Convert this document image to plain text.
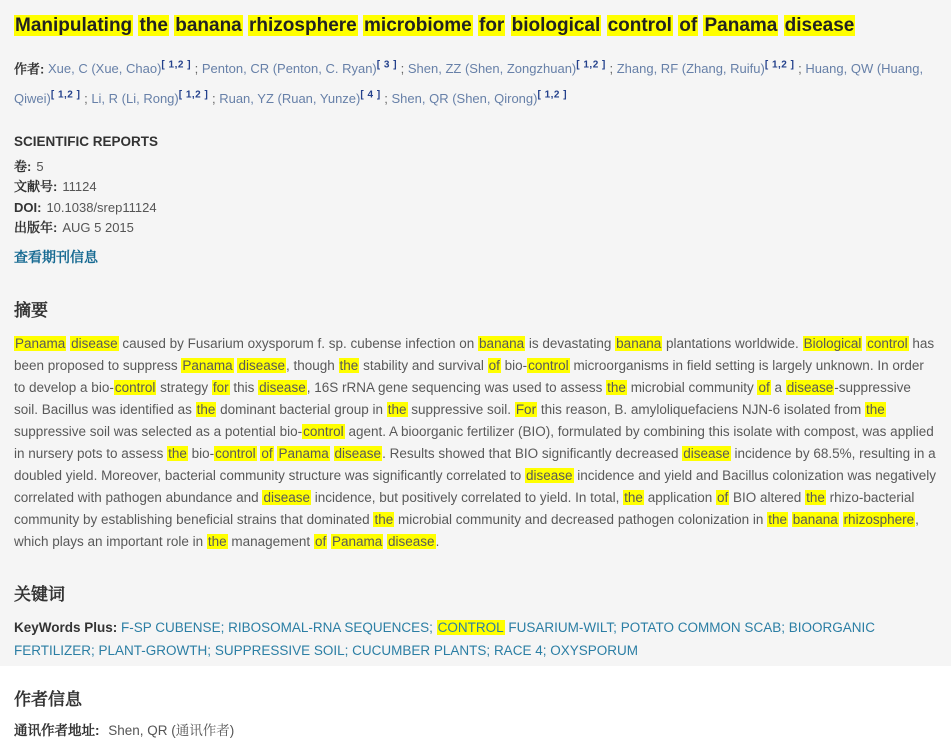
Manipulating the banana rhizosphere microbiome for biological control of Panama disease

作者: Xue, C (Xue, Chao)[ 1,2 ] ; Penton, CR (Penton, C. Ryan)[ 3 ] ; Shen, ZZ (Shen, Zongzhuan)[ 1,2 ] ; Zhang, RF (Zhang, Ruifu)[ 1,2 ] ; Huang, QW (Huang, Qiwei)[ 1,2 ] ; Li, R (Li, Rong)[ 1,2 ] ; Ruan, YZ (Ruan, Yunze)[ 4 ] ; Shen, QR (Shen, Qirong)[ 1,2 ]

SCIENTIFIC REPORTS
卷: 5
文献号: 11124
DOI: 10.1038/srep11124
出版年: AUG 5 2015
查看期刊信息
摘要

Panama disease caused by Fusarium oxysporum f. sp. cubense infection on banana is devastating banana plantations worldwide. Biological control has been proposed to suppress Panama disease, though the stability and survival of bio-control microorganisms in field setting is largely unknown. In order to develop a bio-control strategy for this disease, 16S rRNA gene sequencing was used to assess the microbial community of a disease-suppressive soil. Bacillus was identified as the dominant bacterial group in the suppressive soil. For this reason, B. amyloliquefaciens NJN-6 isolated from the suppressive soil was selected as a potential bio-control agent. A bioorganic fertilizer (BIO), formulated by combining this isolate with compost, was applied in nursery pots to assess the bio-control of Panama disease. Results showed that BIO significantly decreased disease incidence by 68.5%, resulting in a doubled yield. Moreover, bacterial community structure was significantly correlated to disease incidence and yield and Bacillus colonization was negatively correlated with pathogen abundance and disease incidence, but positively correlated to yield. In total, the application of BIO altered the rhizo-bacterial community by establishing beneficial strains that dominated the microbial community and decreased pathogen colonization in the banana rhizosphere, which plays an important role in the management of Panama disease.

关键词

KeyWords Plus: F-SP CUBENSE; RIBOSOMAL-RNA SEQUENCES; CONTROL FUSARIUM-WILT; POTATO COMMON SCAB; BIOORGANIC FERTILIZER; PLANT-GROWTH; SUPPRESSIVE SOIL; CUCUMBER PLANTS; RACE 4; OXYSPORUM

作者信息

通讯作者地址: Shen, QR (通讯作者)
